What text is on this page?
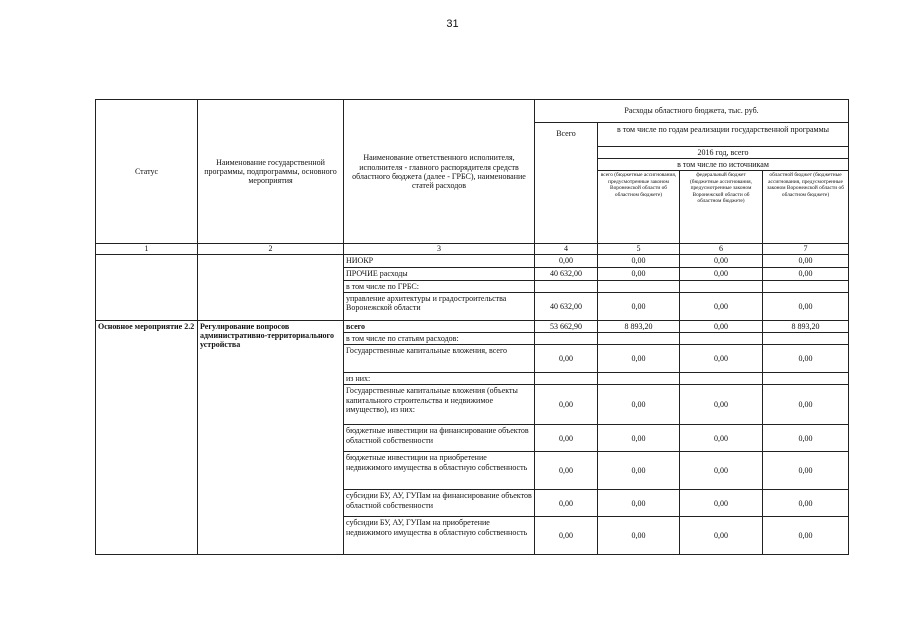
31
Статус	Наименование государственной программы, подпрограммы, основного мероприятия	Наименование ответственного исполнителя, исполнителя - главного распорядителя средств областного бюджета (далее - ГРБС), наименование статей расходов	Расходы областного бюджета, тыс. руб.			
			Всего	в том числе по годам реализации государственной программы		
				2016 год, всего		
				в том числе по источникам		
				всего (бюджетные ассигнования, предусмотренные законом Воронежской области об областном бюджете)	федеральный бюджет (бюджетные ассигнования, предусмотренные законом Воронежской области об областном бюджете)	областной бюджет (бюджетные ассигнования, предусмотренные законом Воронежской области об областном бюджете)
1	2	3	4	5	6	7
		НИОКР	0,00	0,00	0,00	0,00
		ПРОЧИЕ расходы	40 632,00	0,00	0,00	0,00
		в том числе по ГРБС:				
		управление архитектуры и градостроительства Воронежской области	40 632,00	0,00	0,00	0,00
Основное мероприятие 2.2	Регулирование вопросов административно-территориального устройства	всего	53 662,90	8 893,20	0,00	8 893,20
		в том числе по статьям расходов:				
		Государственные капитальные вложения, всего	0,00	0,00	0,00	0,00
		из них:				
		Государственные капитальные вложения (объекты капитального строительства и недвижимое имущество), из них:	0,00	0,00	0,00	0,00
		бюджетные инвестиции на финансирование объектов областной собственности	0,00	0,00	0,00	0,00
		бюджетные инвестиции на приобретение недвижимого имущества в областную собственность	0,00	0,00	0,00	0,00
		субсидии БУ, АУ, ГУПам на финансирование объектов областной собственности	0,00	0,00	0,00	0,00
		субсидии БУ, АУ, ГУПам на приобретение недвижимого имущества в областную собственность	0,00	0,00	0,00	0,00
